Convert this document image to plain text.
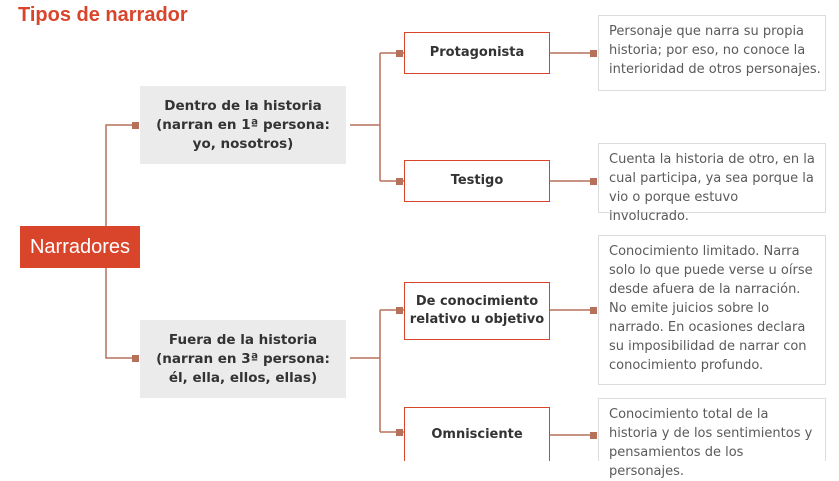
Tipos de narrador
Narradores
Dentro de la historia
(narran en 1ª persona:
yo, nosotros)
Fuera de la historia
(narran en 3ª persona:
él, ella, ellos, ellas)
Protagonista
Testigo
De conocimiento
relativo u objetivo
Omnisciente
Personaje que narra su propia historia; por eso, no conoce la interioridad de otros personajes.
Cuenta la historia de otro, en la cual participa, ya sea porque la vio o porque estuvo involucrado.
Conocimiento limitado. Narra solo lo que puede verse u oírse desde afuera de la narración. No emite juicios sobre lo narrado. En ocasiones declara su imposibilidad de narrar con conocimiento profundo.
Conocimiento total de la historia y de los sentimientos y pensamientos de los personajes.
